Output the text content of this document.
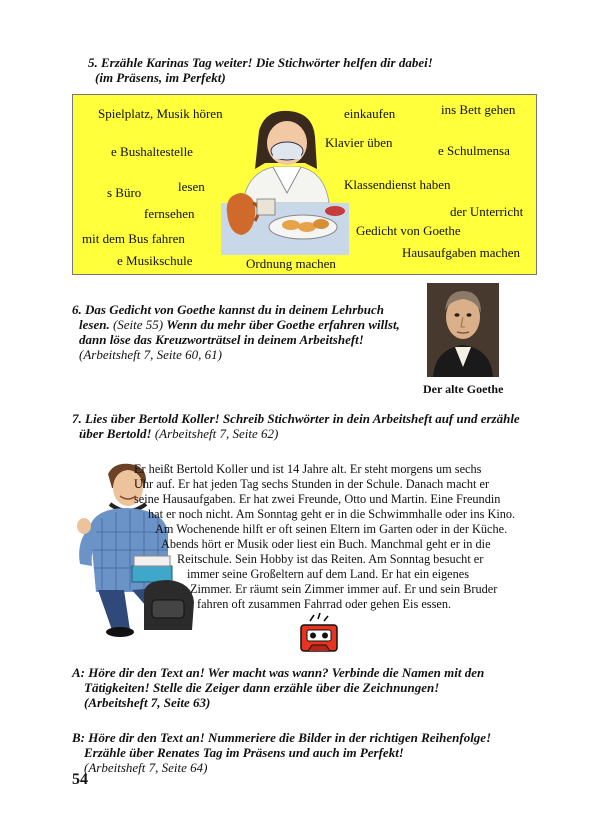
5. Erzähle Karinas Tag weiter! Die Stichwörter helfen dir dabei!
(im Präsens, im Perfekt)
Spielplatz, Musik hören	einkaufen	ins Bett gehen
Klavier üben
e Bushaltestelle	e Schulmensa
lesen	Klassendienst haben
s Büro
fernsehen	der Unterricht
Gedicht von Goethe
mit dem Bus fahren
Hausaufgaben machen
e Musikschule	Ordnung machen
6. Das Gedicht von Goethe kannst du in deinem Lehrbuch
lesen. (Seite 55) Wenn du mehr über Goethe erfahren willst,
dann löse das Kreuzworträtsel in deinem Arbeitsheft!
(Arbeitsheft 7, Seite 60, 61)
Der alte Goethe
7. Lies über Bertold Koller! Schreib Stichwörter in dein Arbeitsheft auf und erzähle
über Bertold! (Arbeitsheft 7, Seite 62)
Er heißt Bertold Koller und ist 14 Jahre alt. Er steht morgens um sechs
Uhr auf. Er hat jeden Tag sechs Stunden in der Schule. Danach macht er
seine Hausaufgaben. Er hat zwei Freunde, Otto und Martin. Eine Freundin
hat er noch nicht. Am Sonntag geht er in die Schwimmhalle oder ins Kino.
Am Wochenende hilft er oft seinen Eltern im Garten oder in der Küche.
Abends hört er Musik oder liest ein Buch. Manchmal geht er in die
Reitschule. Sein Hobby ist das Reiten. Am Sonntag besucht er
immer seine Großeltern auf dem Land. Er hat ein eigenes
Zimmer. Er räumt sein Zimmer immer auf. Er und sein Bruder
fahren oft zusammen Fahrrad oder gehen Eis essen.
A: Höre dir den Text an! Wer macht was wann? Verbinde die Namen mit den
Tätigkeiten! Stelle die Zeiger dann erzähle über die Zeichnungen!
(Arbeitsheft 7, Seite 63)
B: Höre dir den Text an! Nummeriere die Bilder in der richtigen Reihenfolge!
Erzähle über Renates Tag im Präsens und auch im Perfekt!
(Arbeitsheft 7, Seite 64)
54
